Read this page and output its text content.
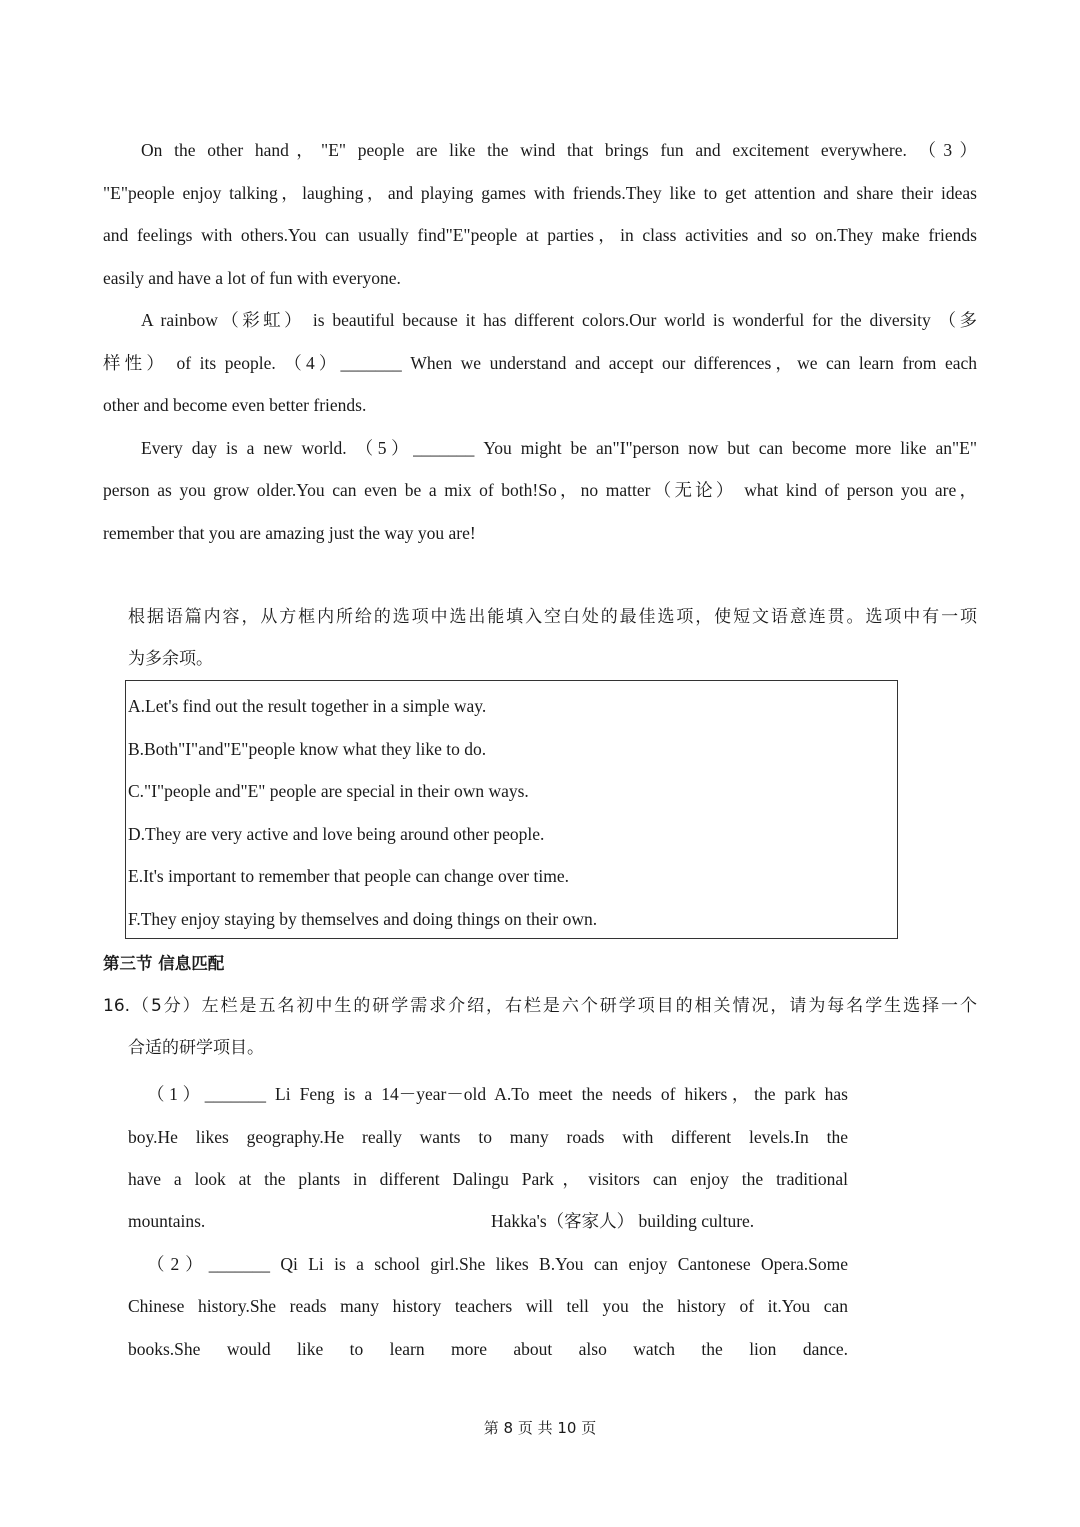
On the other hand，"E" people are like the wind that brings fun and excitement everywhere. （3）
"E"people enjoy talking，laughing，and playing games with friends.They like to get attention and share their ideas
and feelings with others.You can usually find"E"people at parties，in class activities and so on.They make friends
easily and have a lot of fun with everyone.
A rainbow（彩虹） is beautiful because it has different colors.Our world is wonderful for the diversity （多
样性） of its people. （4）_______ When we understand and accept our differences，we can learn from each
other and become even better friends.
Every day is a new world. （5）_______ You might be an"I"person now but can become more like an"E"
person as you grow older.You can even be a mix of both!So，no matter（无论） what kind of person you are，
remember that you are amazing just the way you are!
根据语篇内容，从方框内所给的选项中选出能填入空白处的最佳选项，使短文语意连贯。选项中有一项
为多余项。
A.Let's find out the result together in a simple way.
B.Both"I"and"E"people know what they like to do.
C."I"people and"E" people are special in their own ways.
D.They are very active and love being around other people.
E.It's important to remember that people can change over time.
F.They enjoy staying by themselves and doing things on their own.
第三节 信息匹配
16.（5分）左栏是五名初中生的研学需求介绍，右栏是六个研学项目的相关情况，请为每名学生选择一个
合适的研学项目。
（1）_______ Li Feng is a 14－year－old A.To meet the needs of hikers，the park has
boy.He likes geography.He really wants to many roads with different levels.In the
have a look at the plants in different Dalingu Park，visitors can enjoy the traditional
mountains.	Hakka's（客家人） building culture.
（2）_______ Qi Li is a school girl.She likes B.You can enjoy Cantonese Opera.Some
Chinese history.She reads many history teachers will tell you the history of it.You can
books.She would like to learn more about also watch the lion dance.
第 8 页 共 10 页
